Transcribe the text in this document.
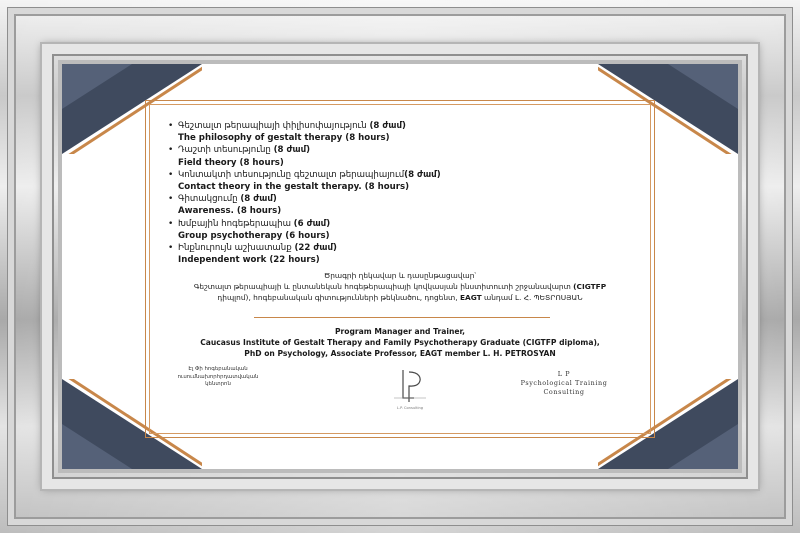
• Գեշտալտ թերապիայի փիլիսոփայություն (8 ժամ)
The philosophy of gestalt therapy (8 hours)
• Դաշտի տեսությունը (8 ժամ)
Field theory (8 hours)
• Կոնտակտի տեսությունը գեշտալտ թերապիայում(8 ժամ)
Contact theory in the gestalt therapy. (8 hours)
• Գիտակցումը (8 ժամ)
Awareness. (8 hours)
• Խմբային հոգեթերապիա (6 ժամ)
Group psychotherapy (6 hours)
• Ինքնուրույն աշխատանք (22 ժամ)
Independent work (22 hours)
Ծրագրի ղեկավար և դասընթացավար՝
Գեշտալտ թերապիայի և ընտանեկան հոգեթերապիայի կովկասյան ինստիտուտի շրջանավարտ (CIGTFP
դիպլոմ), հոգեբանական գիտությունների թեկնածու, դոցենտ, EAGT անդամ Լ. Հ. ՊԵՏՐՈՍՅԱՆ
Program Manager and Trainer,
Caucasus Institute of Gestalt Therapy and Family Psychotherapy Graduate (CIGTFP diploma),
PhD on Psychology, Associate Professor, EAGT member L. H. PETROSYAN
Էլ Փի հոգեբանական
ուսումնախորհրդատվական
կենտրոն
L.P. Consulting
L P
Psychological Training
Consulting
